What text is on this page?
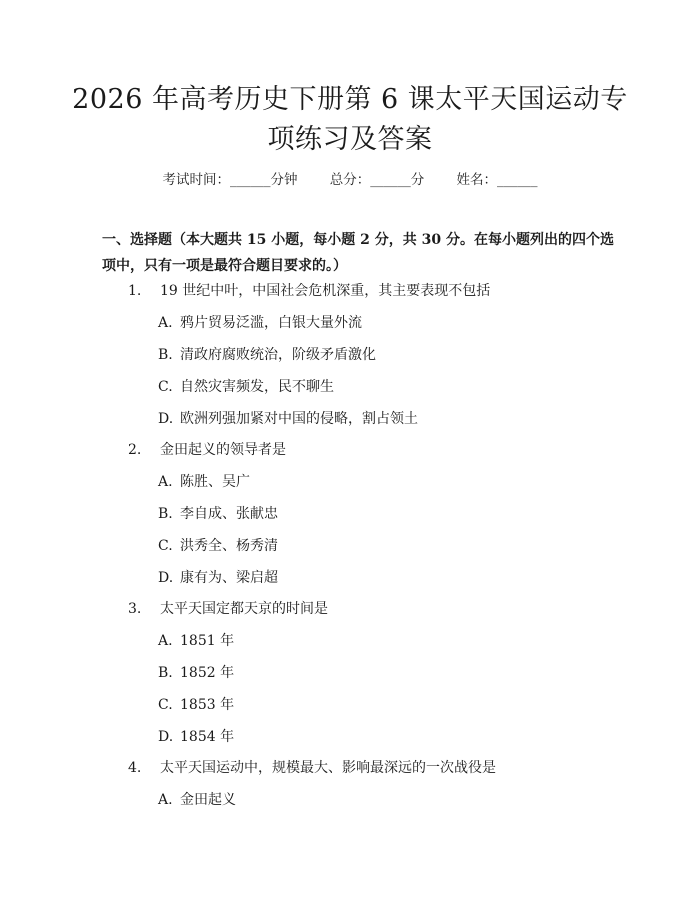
2026 年高考历史下册第 6 课太平天国运动专
项练习及答案
考试时间：______分钟 总分：______分 姓名：______
一、选择题（本大题共 15 小题，每小题 2 分，共 30 分。在每小题列出的四个选项中，只有一项是最符合题目要求的。）
1. 19 世纪中叶，中国社会危机深重，其主要表现不包括
A. 鸦片贸易泛滥，白银大量外流
B. 清政府腐败统治，阶级矛盾激化
C. 自然灾害频发，民不聊生
D. 欧洲列强加紧对中国的侵略，割占领土
2. 金田起义的领导者是
A. 陈胜、吴广
B. 李自成、张献忠
C. 洪秀全、杨秀清
D. 康有为、梁启超
3. 太平天国定都天京的时间是
A. 1851 年
B. 1852 年
C. 1853 年
D. 1854 年
4. 太平天国运动中，规模最大、影响最深远的一次战役是
A. 金田起义
